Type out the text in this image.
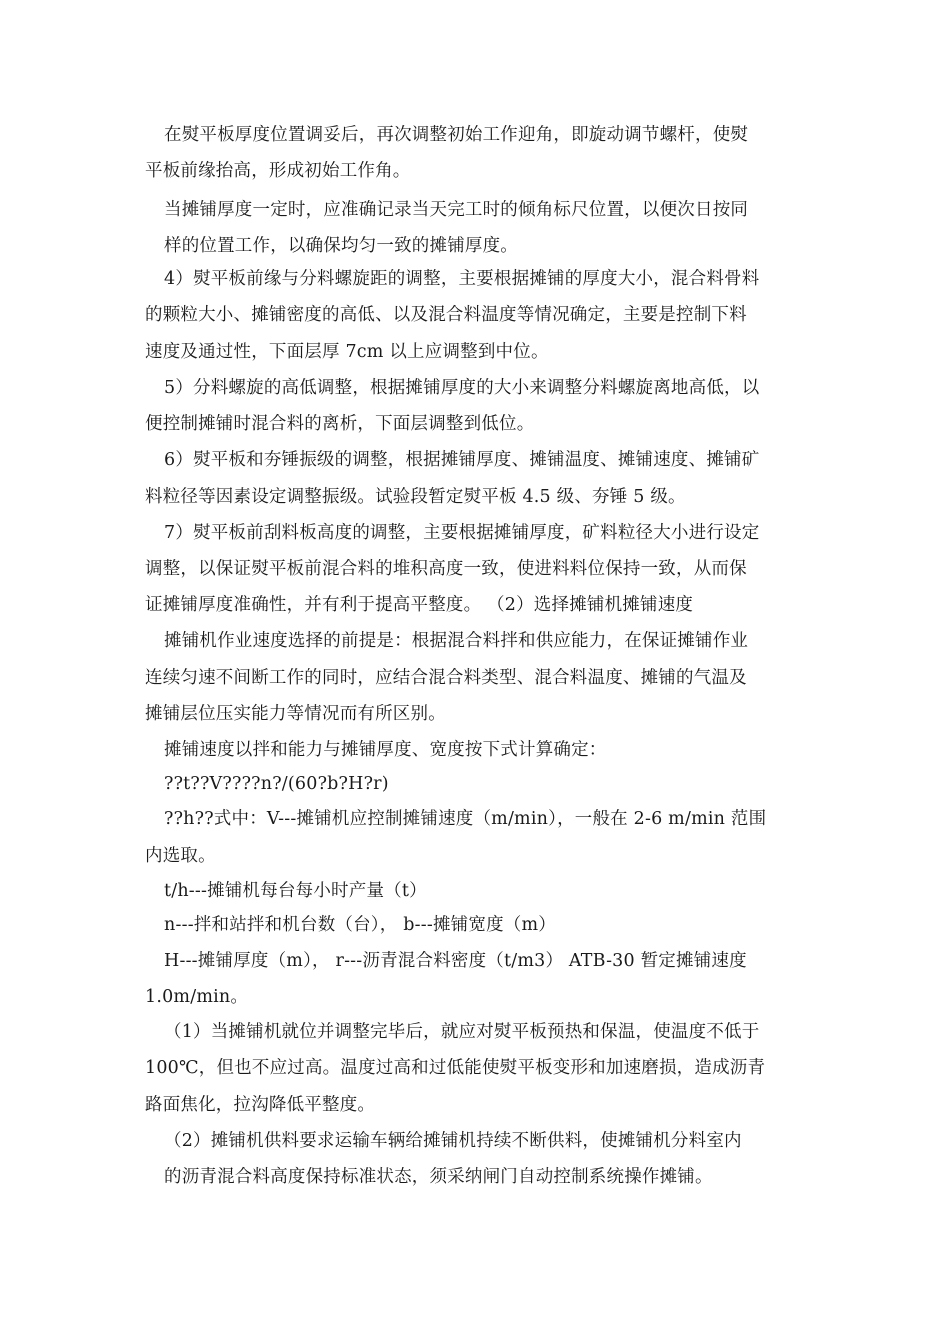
在熨平板厚度位置调妥后，再次调整初始工作迎角，即旋动调节螺杆，使熨
平板前缘抬高，形成初始工作角。
当摊铺厚度一定时，应准确记录当天完工时的倾角标尺位置，以便次日按同
样的位置工作，以确保均匀一致的摊铺厚度。
4）熨平板前缘与分料螺旋距的调整，主要根据摊铺的厚度大小，混合料骨料
的颗粒大小、摊铺密度的高低、以及混合料温度等情况确定，主要是控制下料
速度及通过性，下面层厚 7cm 以上应调整到中位。
5）分料螺旋的高低调整，根据摊铺厚度的大小来调整分料螺旋离地高低，以
便控制摊铺时混合料的离析，下面层调整到低位。
6）熨平板和夯锤振级的调整，根据摊铺厚度、摊铺温度、摊铺速度、摊铺矿
料粒径等因素设定调整振级。试验段暂定熨平板 4.5 级、夯锤 5 级。
7）熨平板前刮料板高度的调整，主要根据摊铺厚度，矿料粒径大小进行设定
调整，以保证熨平板前混合料的堆积高度一致，使进料料位保持一致，从而保
证摊铺厚度准确性，并有利于提高平整度。 （2）选择摊铺机摊铺速度
摊铺机作业速度选择的前提是：根据混合料拌和供应能力，在保证摊铺作业
连续匀速不间断工作的同时，应结合混合料类型、混合料温度、摊铺的气温及
摊铺层位压实能力等情况而有所区别。
摊铺速度以拌和能力与摊铺厚度、宽度按下式计算确定：
??t??V????n?/(60?b?H?r)
??h??式中：V---摊铺机应控制摊铺速度（m/min），一般在 2-6 m/min 范围
内选取。
t/h---摊铺机每台每小时产量（t）
n---拌和站拌和机台数（台）， b---摊铺宽度（m）
H---摊铺厚度（m）， r---沥青混合料密度（t/m3） ATB-30 暂定摊铺速度
1.0m/min。
（1）当摊铺机就位并调整完毕后，就应对熨平板预热和保温，使温度不低于
100℃，但也不应过高。温度过高和过低能使熨平板变形和加速磨损，造成沥青
路面焦化，拉沟降低平整度。
（2）摊铺机供料要求运输车辆给摊铺机持续不断供料，使摊铺机分料室内
的沥青混合料高度保持标准状态，须采纳闸门自动控制系统操作摊铺。
